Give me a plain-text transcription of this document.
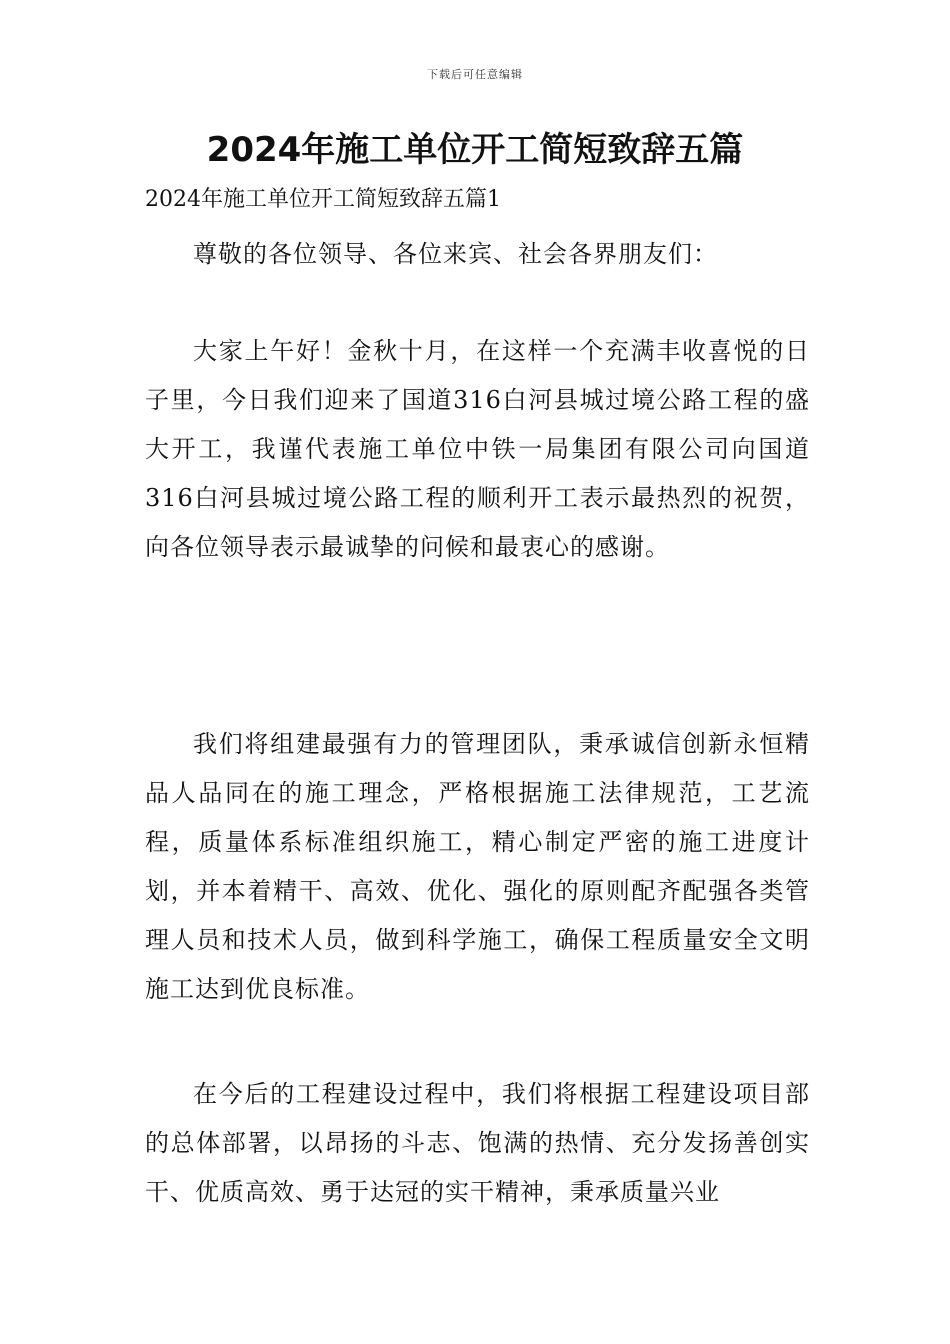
下载后可任意编辑
2024年施工单位开工简短致辞五篇

2024年施工单位开工简短致辞五篇1

尊敬的各位领导、各位来宾、社会各界朋友们：

大家上午好！金秋十月，在这样一个充满丰收喜悦的日子里，今日我们迎来了国道316白河县城过境公路工程的盛大开工，我谨代表施工单位中铁一局集团有限公司向国道316白河县城过境公路工程的顺利开工表示最热烈的祝贺，向各位领导表示最诚挚的问候和最衷心的感谢。

我们将组建最强有力的管理团队，秉承诚信创新永恒精品人品同在的施工理念，严格根据施工法律规范，工艺流程，质量体系标准组织施工，精心制定严密的施工进度计划，并本着精干、高效、优化、强化的原则配齐配强各类管理人员和技术人员，做到科学施工，确保工程质量安全文明施工达到优良标准。

在今后的工程建设过程中，我们将根据工程建设项目部的总体部署，以昂扬的斗志、饱满的热情、充分发扬善创实干、优质高效、勇于达冠的实干精神，秉承质量兴业
